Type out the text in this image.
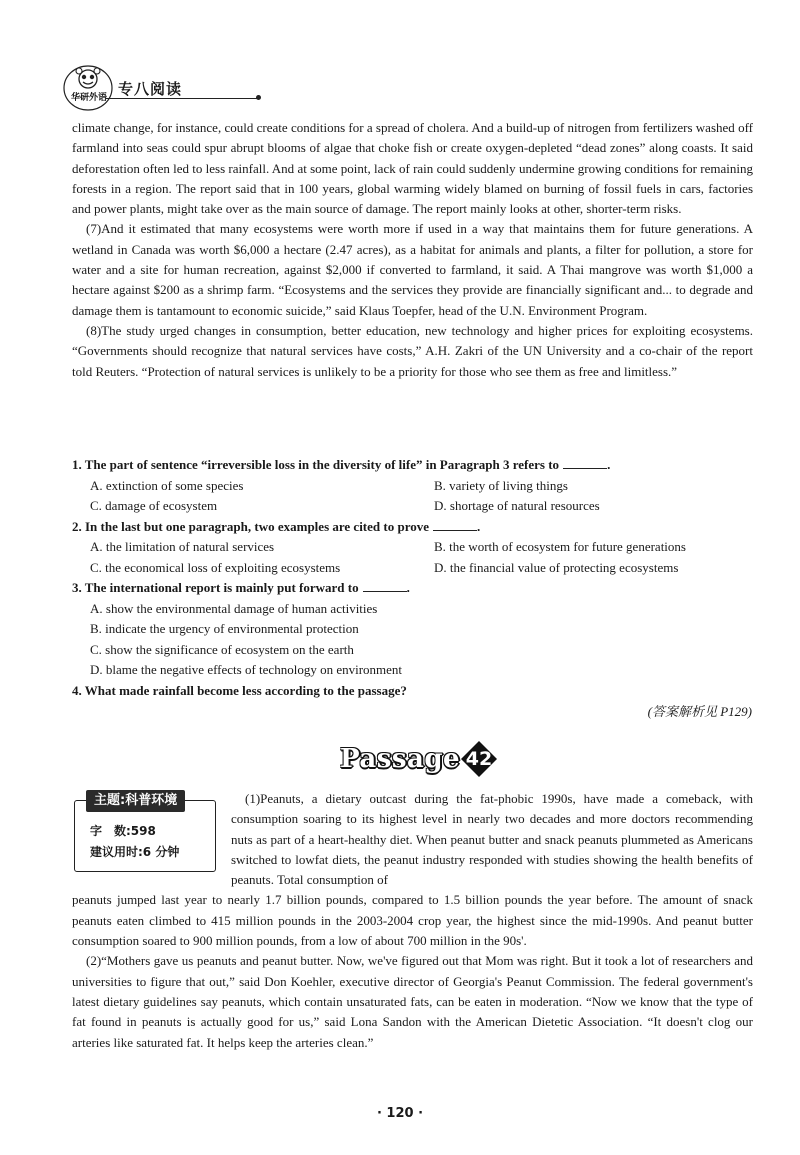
华研外语 专八阅读

climate change, for instance, could create conditions for a spread of cholera. And a build-up of nitrogen from fertilizers washed off farmland into seas could spur abrupt blooms of algae that choke fish or create oxygen-depleted “dead zones” along coasts. It said deforestation often led to less rainfall. And at some point, lack of rain could suddenly undermine growing conditions for remaining forests in a region. The report said that in 100 years, global warming widely blamed on burning of fossil fuels in cars, factories and power plants, might take over as the main source of damage. The report mainly looks at other, shorter-term risks.

(7)And it estimated that many ecosystems were worth more if used in a way that maintains them for future generations. A wetland in Canada was worth $6,000 a hectare (2.47 acres), as a habitat for animals and plants, a filter for pollution, a store for water and a site for human recreation, against $2,000 if converted to farmland, it said. A Thai mangrove was worth $1,000 a hectare against $200 as a shrimp farm. “Ecosystems and the services they provide are financially significant and... to degrade and damage them is tantamount to economic suicide,” said Klaus Toepfer, head of the U.N. Environment Program.

(8)The study urged changes in consumption, better education, new technology and higher prices for exploiting ecosystems. “Governments should recognize that natural services have costs,” A.H. Zakri of the UN University and a co-chair of the report told Reuters. “Protection of natural services is unlikely to be a priority for those who see them as free and limitless.”

1. The part of sentence “irreversible loss in the diversity of life” in Paragraph 3 refers to	.

A. extinction of some species	B. variety of living things
C. damage of ecosystem	D. shortage of natural resources

2. In the last but one paragraph, two examples are cited to prove	.

A. the limitation of natural services	B. the worth of ecosystem for future generations
C. the economical loss of exploiting ecosystems	D. the financial value of protecting ecosystems

3. The international report is mainly put forward to	.

A. show the environmental damage of human activities
B. indicate the urgency of environmental protection
C. show the significance of ecosystem on the earth
D. blame the negative effects of technology on environment

4. What made rainfall become less according to the passage?

(答案解析见 P129)
Passage 42
主题:科普环境
字　数:598
建议用时:6 分钟

(1)Peanuts, a dietary outcast during the fat-phobic 1990s, have made a comeback, with consumption soaring to its highest level in nearly two decades and more doctors recommending nuts as part of a heart-healthy diet. When peanut butter and snack peanuts plummeted as Americans switched to lowfat diets, the peanut industry responded with studies showing the health benefits of peanuts. Total consumption of

peanuts jumped last year to nearly 1.7 billion pounds, compared to 1.5 billion pounds the year before. The amount of snack peanuts eaten climbed to 415 million pounds in the 2003-2004 crop year, the highest since the mid-1990s. And peanut butter consumption soared to 900 million pounds, from a low of about 700 million in the 90s'.

(2)“Mothers gave us peanuts and peanut butter. Now, we've figured out that Mom was right. But it took a lot of researchers and universities to figure that out,” said Don Koehler, executive director of Georgia's Peanut Commission. The federal government's latest dietary guidelines say peanuts, which contain unsaturated fats, can be eaten in moderation. “Now we know that the type of fat found in peanuts is actually good for us,” said Lona Sandon with the American Dietetic Association. “It doesn't clog our arteries like saturated fat. It helps keep the arteries clean.”

· 120 ·
